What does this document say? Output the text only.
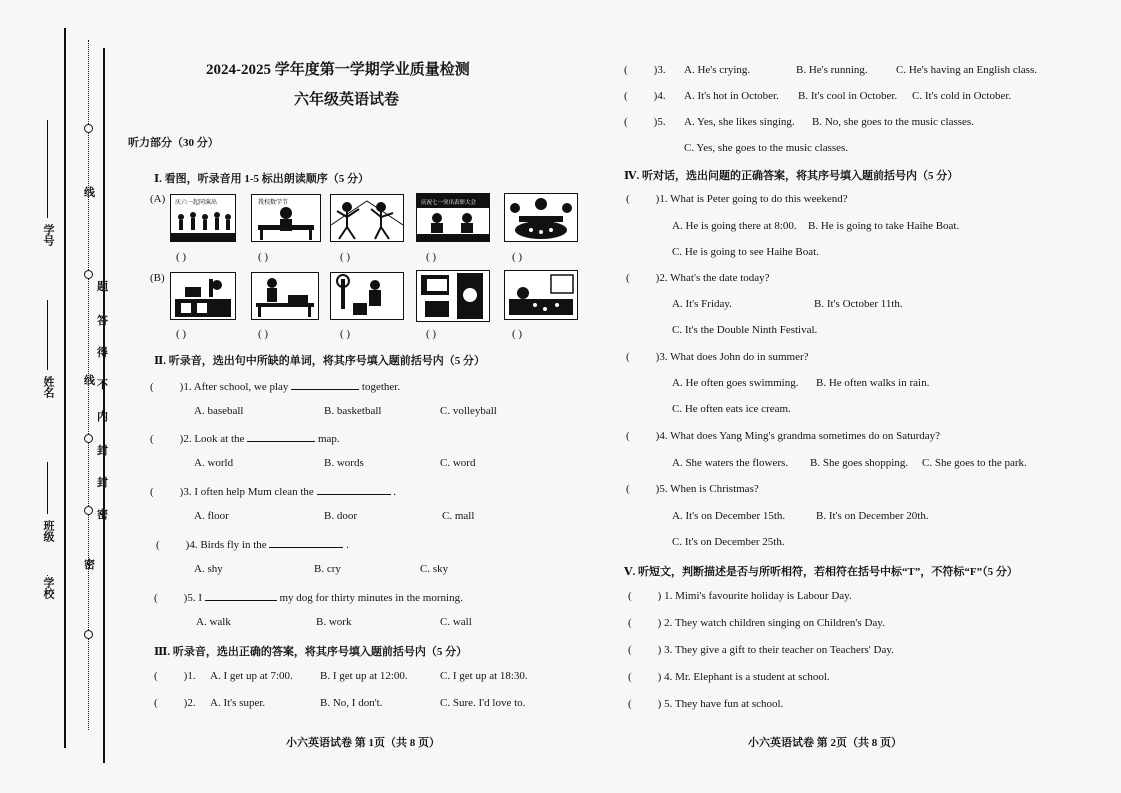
线
题
答
得
不
内
封
线
封
密
密
学号
姓名
班级
学校
2024-2025 学年度第一学期学业质量检测
六年级英语试卷
听力部分（30 分）
Ⅰ. 看图，听录音用 1-5 标出朗读顺序（5 分）
(A) 庆六一起同演出	我校数学节	庆祝七一突出表彰大会
( )	( )	( )	( )	( )
(B)
( )	( )	( )	( )	( )
Ⅱ. 听录音，选出句中所缺的单词，将其序号填入题前括号内（5 分）
( )1. After school, we play	together.
A. baseball	B. basketball	C. volleyball
( )2. Look at the	map.
A. world	B. words	C. word
( )3. I often help Mum clean the	.
A. floor	B. door	C. mall
( )4. Birds fly in the	.
A. shy	B. cry	C. sky
( )5. I	my dog for thirty minutes in the morning.
A. walk	B. work	C. wall
Ⅲ. 听录音，选出正确的答案，将其序号填入题前括号内（5 分）
( )1. A. I get up at 7:00. B. I get up at 12:00.	C. I get up at 18:30.
( )2. A. It's super.	B. No, I don't.	C. Sure. I'd love to.
小六英语试卷 第 1页（共 8 页）
( )3. A. He's crying.	B. He's running.	C. He's having an English class.
( )4. A. It's hot in October. B. It's cool in October. C. It's cold in October.
( )5. A. Yes, she likes singing. B. No, she goes to the music classes.
C. Yes, she goes to the music classes.
Ⅳ. 听对话，选出问题的正确答案，将其序号填入题前括号内（5 分）
( )1. What is Peter going to do this weekend?
A. He is going there at 8:00. B. He is going to take Haihe Boat.
C. He is going to see Haihe Boat.
( )2. What's the date today?
A. It's Friday.	B. It's October 11th.
C. It's the Double Ninth Festival.
( )3. What does John do in summer?
A. He often goes swimming. B. He often walks in rain.
C. He often eats ice cream.
( )4. What does Yang Ming's grandma sometimes do on Saturday?
A. She waters the flowers. B. She goes shopping. C. She goes to the park.
( )5. When is Christmas?
A. It's on December 15th.	B. It's on December 20th.
C. It's on December 25th.
Ⅴ. 听短文，判断描述是否与所听相符，若相符在括号中标“T”，不符标“F”（5 分）
( ) 1. Mimi's favourite holiday is Labour Day.
( ) 2. They watch children singing on Children's Day.
( ) 3. They give a gift to their teacher on Teachers' Day.
( ) 4. Mr. Elephant is a student at school.
( ) 5. They have fun at school.
小六英语试卷 第 2页（共 8 页）
